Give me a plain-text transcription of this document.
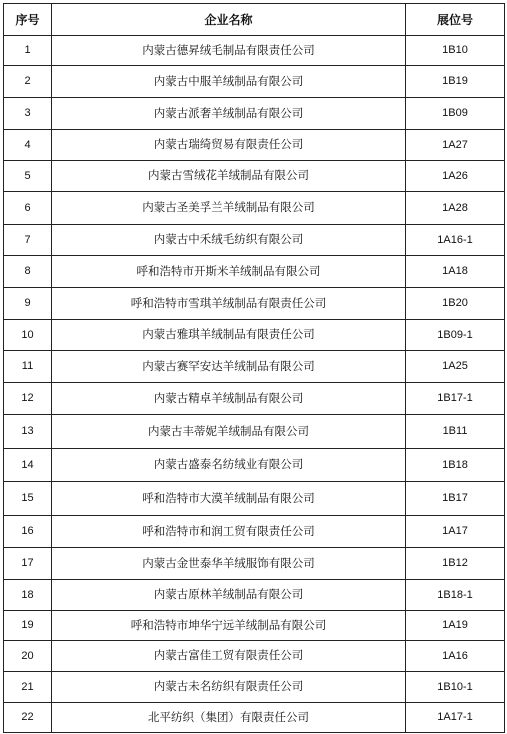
序号	企业名称	展位号
1	内蒙古德昇绒毛制品有限责任公司	1B10
2	内蒙古中服羊绒制品有限公司	1B19
3	内蒙古派奢羊绒制品有限公司	1B09
4	内蒙古瑞绮贸易有限责任公司	1A27
5	内蒙古雪绒花羊绒制品有限公司	1A26
6	内蒙古圣美孚兰羊绒制品有限公司	1A28
7	内蒙古中禾绒毛纺织有限公司	1A16-1
8	呼和浩特市开斯米羊绒制品有限公司	1A18
9	呼和浩特市雪琪羊绒制品有限责任公司	1B20
10	内蒙古雅琪羊绒制品有限责任公司	1B09-1
11	内蒙古赛罕安达羊绒制品有限公司	1A25
12	内蒙古精卓羊绒制品有限公司	1B17-1
13	内蒙古丰蒂妮羊绒制品有限公司	1B11
14	内蒙古盛泰名纺绒业有限公司	1B18
15	呼和浩特市大漠羊绒制品有限公司	1B17
16	呼和浩特市和润工贸有限责任公司	1A17
17	内蒙古金世泰华羊绒服饰有限公司	1B12
18	内蒙古原林羊绒制品有限公司	1B18-1
19	呼和浩特市坤华宁远羊绒制品有限公司	1A19
20	内蒙古富佳工贸有限责任公司	1A16
21	内蒙古未名纺织有限责任公司	1B10-1
22	北平纺织（集团）有限责任公司	1A17-1
